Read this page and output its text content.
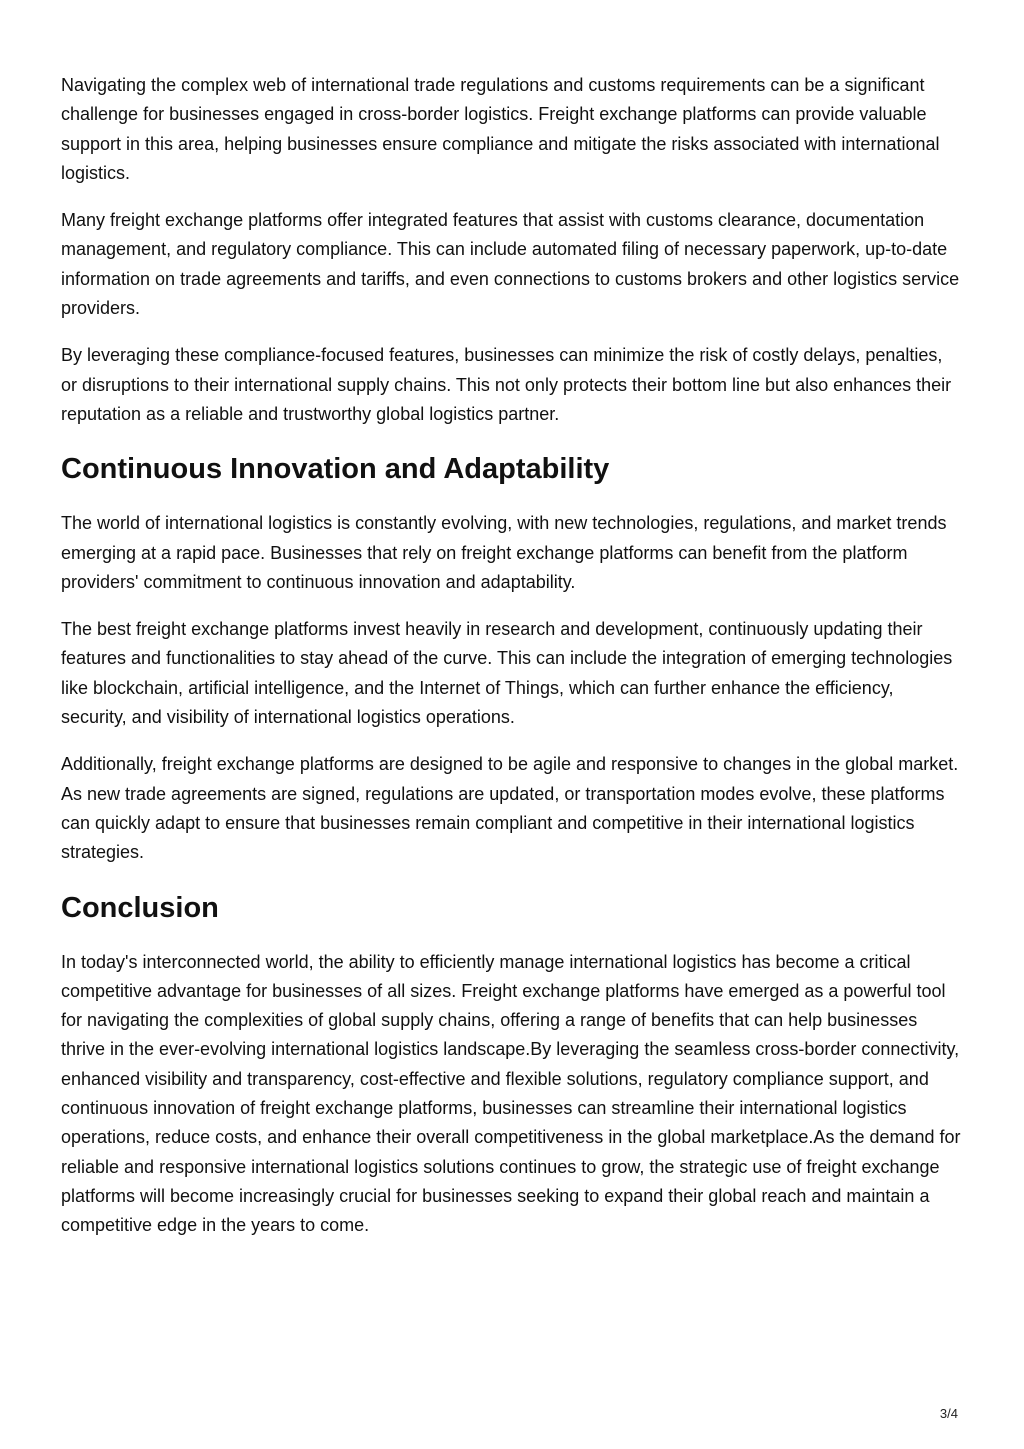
Navigating the complex web of international trade regulations and customs requirements can be a significant challenge for businesses engaged in cross-border logistics. Freight exchange platforms can provide valuable support in this area, helping businesses ensure compliance and mitigate the risks associated with international logistics.

Many freight exchange platforms offer integrated features that assist with customs clearance, documentation management, and regulatory compliance. This can include automated filing of necessary paperwork, up-to-date information on trade agreements and tariffs, and even connections to customs brokers and other logistics service providers.

By leveraging these compliance-focused features, businesses can minimize the risk of costly delays, penalties, or disruptions to their international supply chains. This not only protects their bottom line but also enhances their reputation as a reliable and trustworthy global logistics partner.

Continuous Innovation and Adaptability

The world of international logistics is constantly evolving, with new technologies, regulations, and market trends emerging at a rapid pace. Businesses that rely on freight exchange platforms can benefit from the platform providers' commitment to continuous innovation and adaptability.

The best freight exchange platforms invest heavily in research and development, continuously updating their features and functionalities to stay ahead of the curve. This can include the integration of emerging technologies like blockchain, artificial intelligence, and the Internet of Things, which can further enhance the efficiency, security, and visibility of international logistics operations.

Additionally, freight exchange platforms are designed to be agile and responsive to changes in the global market. As new trade agreements are signed, regulations are updated, or transportation modes evolve, these platforms can quickly adapt to ensure that businesses remain compliant and competitive in their international logistics strategies.

Conclusion

In today's interconnected world, the ability to efficiently manage international logistics has become a critical competitive advantage for businesses of all sizes. Freight exchange platforms have emerged as a powerful tool for navigating the complexities of global supply chains, offering a range of benefits that can help businesses thrive in the ever-evolving international logistics landscape.By leveraging the seamless cross-border connectivity, enhanced visibility and transparency, cost-effective and flexible solutions, regulatory compliance support, and continuous innovation of freight exchange platforms, businesses can streamline their international logistics operations, reduce costs, and enhance their overall competitiveness in the global marketplace.As the demand for reliable and responsive international logistics solutions continues to grow, the strategic use of freight exchange platforms will become increasingly crucial for businesses seeking to expand their global reach and maintain a competitive edge in the years to come.

3/4
